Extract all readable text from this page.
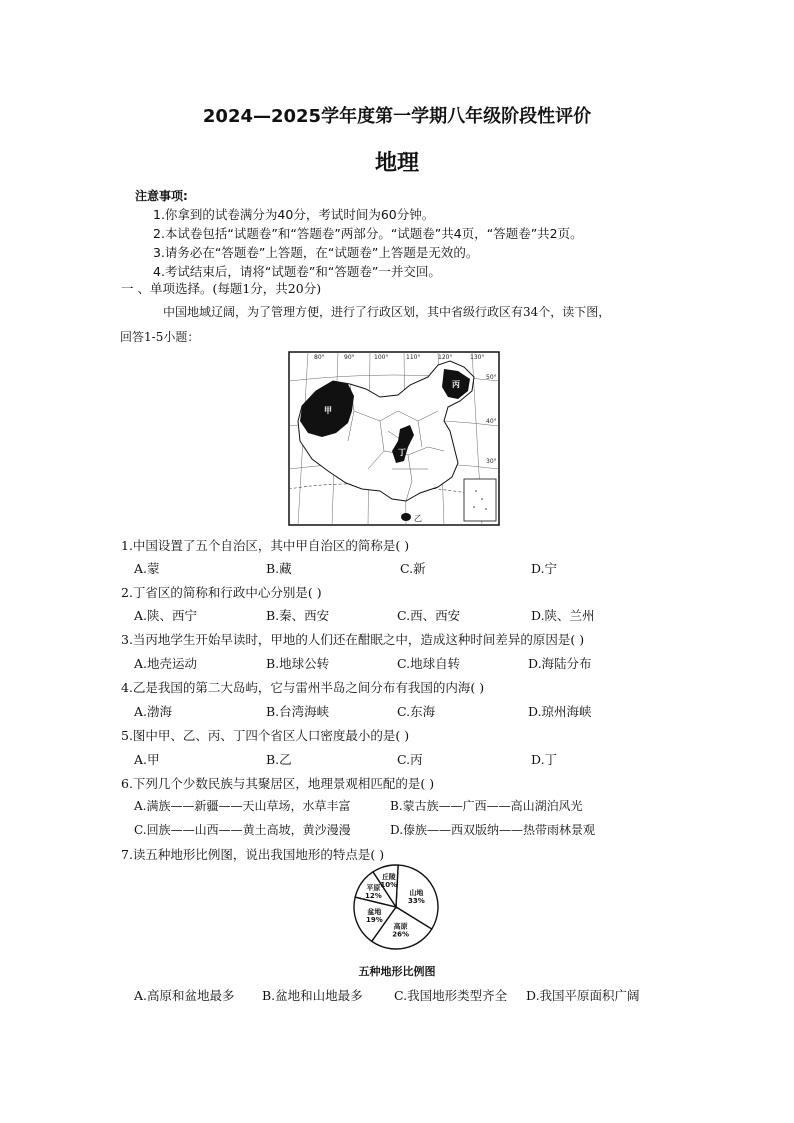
2024—2025学年度第一学期八年级阶段性评价
地理
注意事项:
1.你拿到的试卷满分为40分，考试时间为60分钟。
2.本试卷包括“试题卷”和“答题卷”两部分。“试题卷”共4页，“答题卷”共2页。
3.请务必在“答题卷”上答题，在“试题卷”上答题是无效的。
4.考试结束后，请将“试题卷”和“答题卷”一并交回。
一 、单项选择。(每题1分，共20分)
中国地域辽阔，为了管理方便，进行了行政区划，其中省级行政区有34个，读下图，
回答1-5小题：
80°	90°	100°	110°	120°	130°
50°
40°
30°
甲
丙
丁
乙
1.中国设置了五个自治区，其中甲自治区的简称是( )
A.蒙	B.藏	C.新	D.宁
2.丁省区的简称和行政中心分别是( )
A.陕、西宁	B.秦、西安	C.西、西安	D.陕、兰州
3.当丙地学生开始早读时，甲地的人们还在酣眠之中，造成这种时间差异的原因是( )
A.地壳运动	B.地球公转	C.地球自转	D.海陆分布
4.乙是我国的第二大岛屿，它与雷州半岛之间分布有我国的内海( )
A.渤海	B.台湾海峡	C.东海	D.琼州海峡
5.图中甲、乙、丙、丁四个省区人口密度最小的是( )
A.甲	B.乙	C.丙	D.丁
6.下列几个少数民族与其聚居区，地理景观相匹配的是( )
A.满族——新疆——天山草场，水草丰富	B.蒙古族——广西——高山湖泊风光
C.回族——山西——黄土高坡，黄沙漫漫	D.傣族——西双版纳——热带雨林景观
7.读五种地形比例图，说出我国地形的特点是( )
山地
33%
高原
26%
盆地
19%
平原
12%
丘陵
10%
五种地形比例图
A.高原和盆地最多 B.盆地和山地最多	C.我国地形类型齐全 D.我国平原面积广阔
